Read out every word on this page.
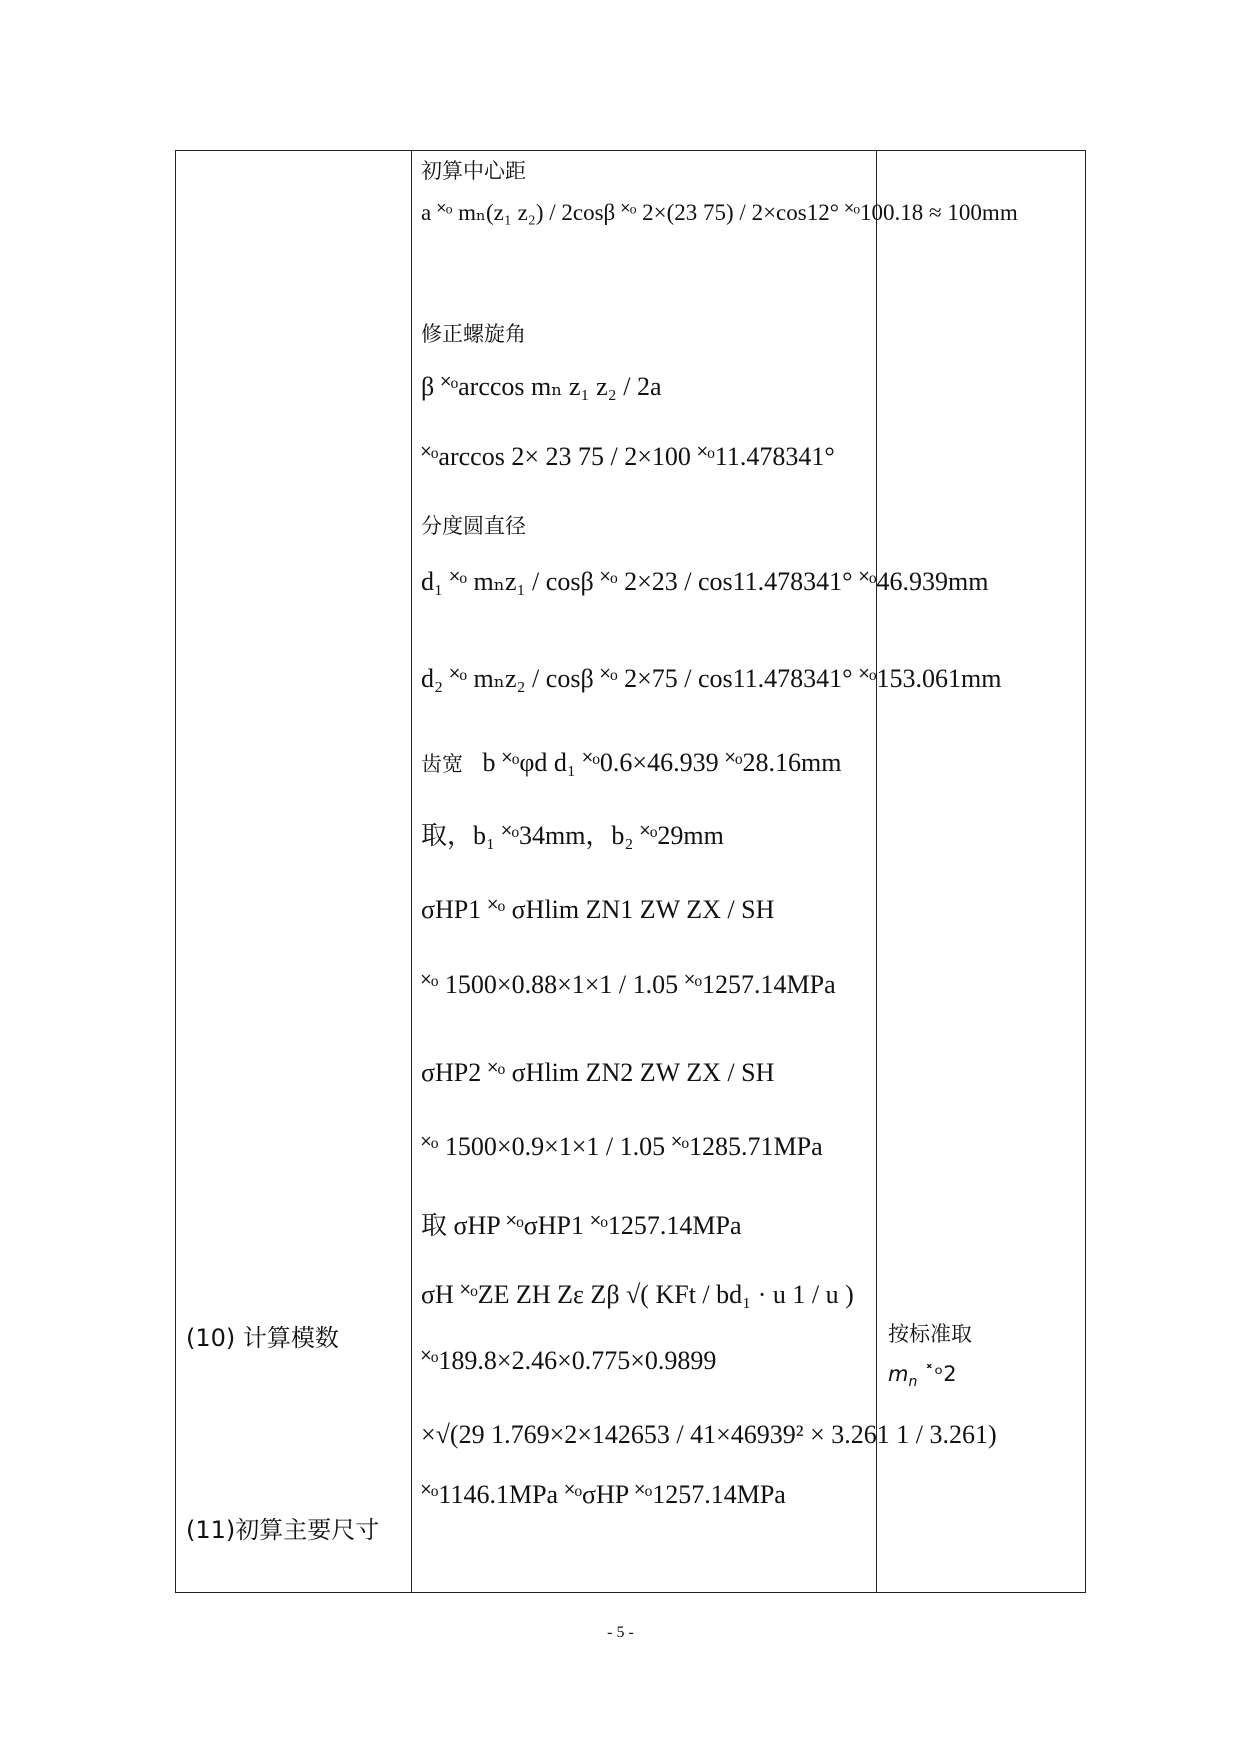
(10) 计算模数
(11)初算主要尺寸
按标准取
$m_n$ ˟ᵒ2
初算中心距
a ˟ᵒ mₙ(z₁ z₂) / 2cosβ ˟ᵒ 2×(23 75) / 2×cos12° ˟ᵒ100.18 ≈ 100mm
修正螺旋角
β ˟ᵒarccos mₙ z₁ z₂ / 2a
˟ᵒarccos 2× 23 75 / 2×100 ˟ᵒ11.478341°
分度圆直径
d₁ ˟ᵒ mₙz₁ / cosβ ˟ᵒ 2×23 / cos11.478341° ˟ᵒ46.939mm
d₂ ˟ᵒ mₙz₂ / cosβ ˟ᵒ 2×75 / cos11.478341° ˟ᵒ153.061mm
齿宽 b ˟ᵒφd d₁ ˟ᵒ0.6×46.939 ˟ᵒ28.16mm
取，b₁ ˟ᵒ34mm，b₂ ˟ᵒ29mm
σHP1 ˟ᵒ σHlim ZN1 ZW ZX / SH
˟ᵒ 1500×0.88×1×1 / 1.05 ˟ᵒ1257.14MPa
σHP2 ˟ᵒ σHlim ZN2 ZW ZX / SH
˟ᵒ 1500×0.9×1×1 / 1.05 ˟ᵒ1285.71MPa
取 σHP ˟ᵒσHP1 ˟ᵒ1257.14MPa
σH ˟ᵒZE ZH Zε Zβ √( KFt / bd₁ · u 1 / u )
˟ᵒ189.8×2.46×0.775×0.9899
×√(29 1.769×2×142653 / 41×46939² × 3.261 1 / 3.261)
˟ᵒ1146.1MPa ˟ᵒσHP ˟ᵒ1257.14MPa
- 5 -
